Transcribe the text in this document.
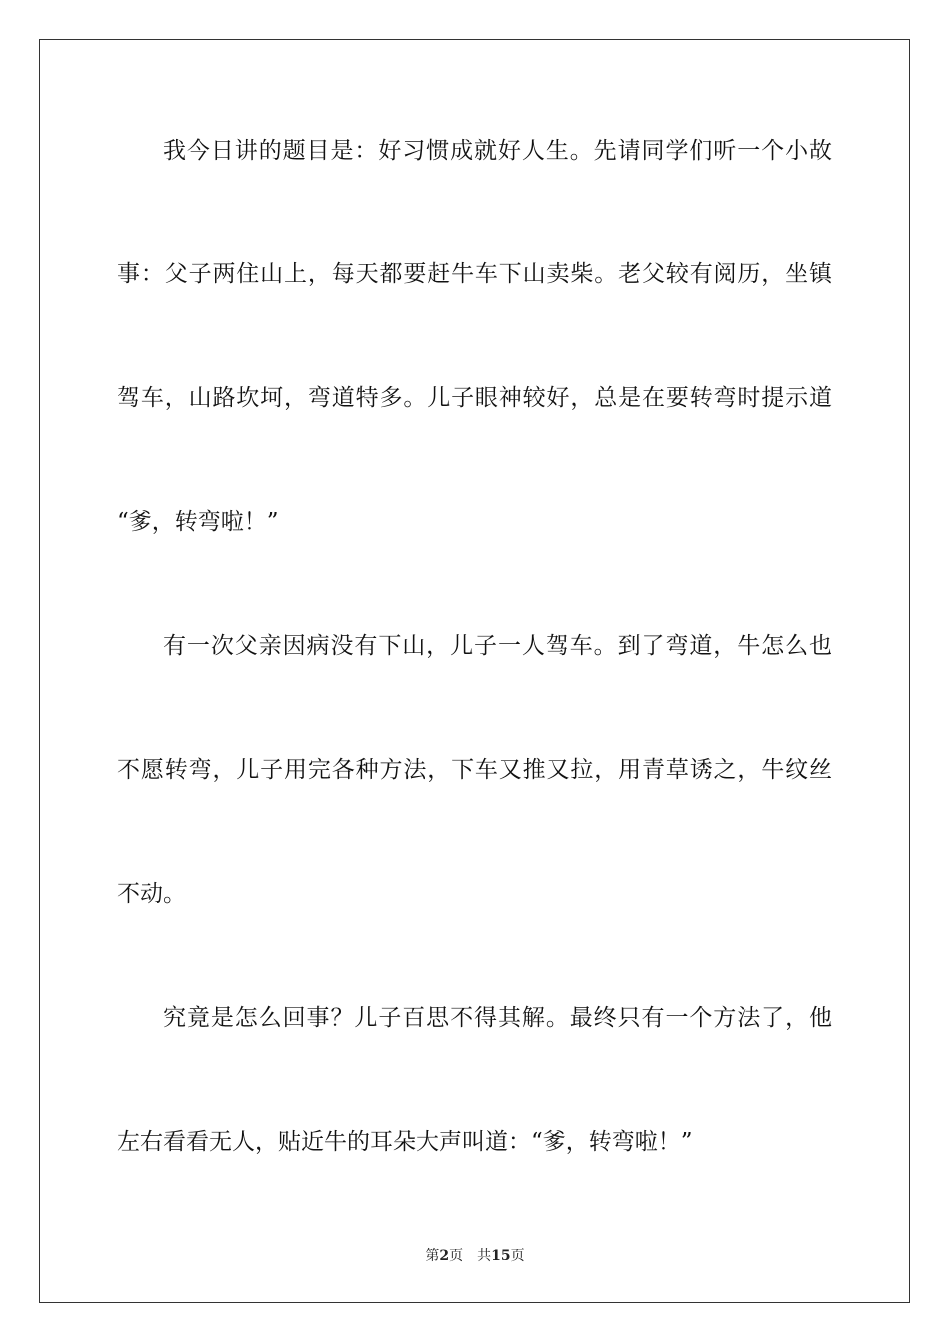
我今日讲的题目是：好习惯成就好人生。先请同学们听一个小故
事：父子两住山上，每天都要赶牛车下山卖柴。老父较有阅历，坐镇
驾车，山路坎坷，弯道特多。儿子眼神较好，总是在要转弯时提示道
“爹，转弯啦！”
有一次父亲因病没有下山，儿子一人驾车。到了弯道，牛怎么也
不愿转弯，儿子用完各种方法，下车又推又拉，用青草诱之，牛纹丝
不动。
究竟是怎么回事？儿子百思不得其解。最终只有一个方法了，他
左右看看无人，贴近牛的耳朵大声叫道：“爹，转弯啦！”
第2页 共15页
